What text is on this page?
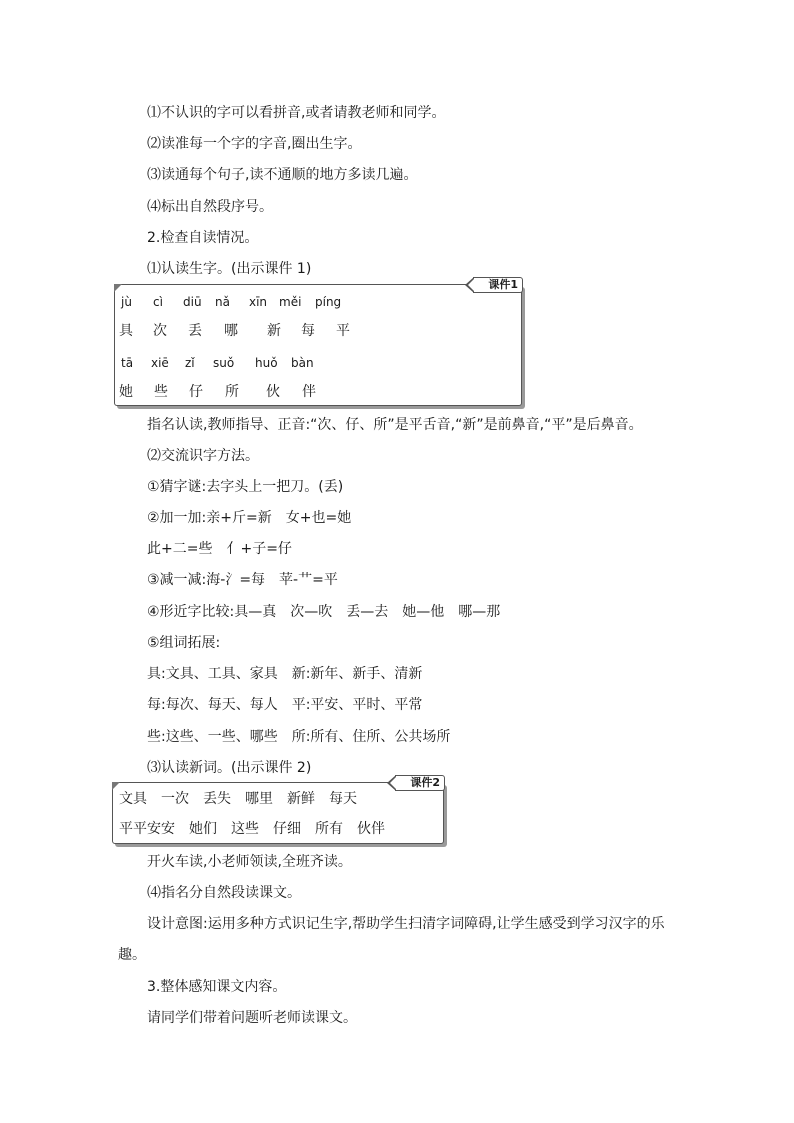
⑴不认识的字可以看拼音,或者请教老师和同学。
⑵读准每一个字的字音,圈出生字。
⑶读通每个句子,读不通顺的地方多读几遍。
⑷标出自然段序号。
2.检查自读情况。
⑴认读生字。(出示课件 1)
课件1
jù cì diū nǎ xīn měi píng
具 次 丢 哪 新 每 平
tā xiē zǐ suǒ huǒ bàn
她 些 仔 所 伙 伴
指名认读,教师指导、正音:“次、仔、所”是平舌音,“新”是前鼻音,“平”是后鼻音。
⑵交流识字方法。
①猜字谜:去字头上一把刀。(丢)
②加一加:亲+斤=新　女+也=她
此+二=些　亻+子=仔
③减一减:海-氵=每　苹-艹=平
④形近字比较:具—真　次—吹　丢—去　她—他　哪—那
⑤组词拓展:
具:文具、工具、家具　新:新年、新手、清新
每:每次、每天、每人　平:平安、平时、平常
些:这些、一些、哪些　所:所有、住所、公共场所
⑶认读新词。(出示课件 2)
课件2
文具 一次 丢失 哪里 新鲜 每天
平平安安 她们 这些 仔细 所有 伙伴
开火车读,小老师领读,全班齐读。
⑷指名分自然段读课文。
设计意图:运用多种方式识记生字,帮助学生扫清字词障碍,让学生感受到学习汉字的乐
趣。
3.整体感知课文内容。
请同学们带着问题听老师读课文。
